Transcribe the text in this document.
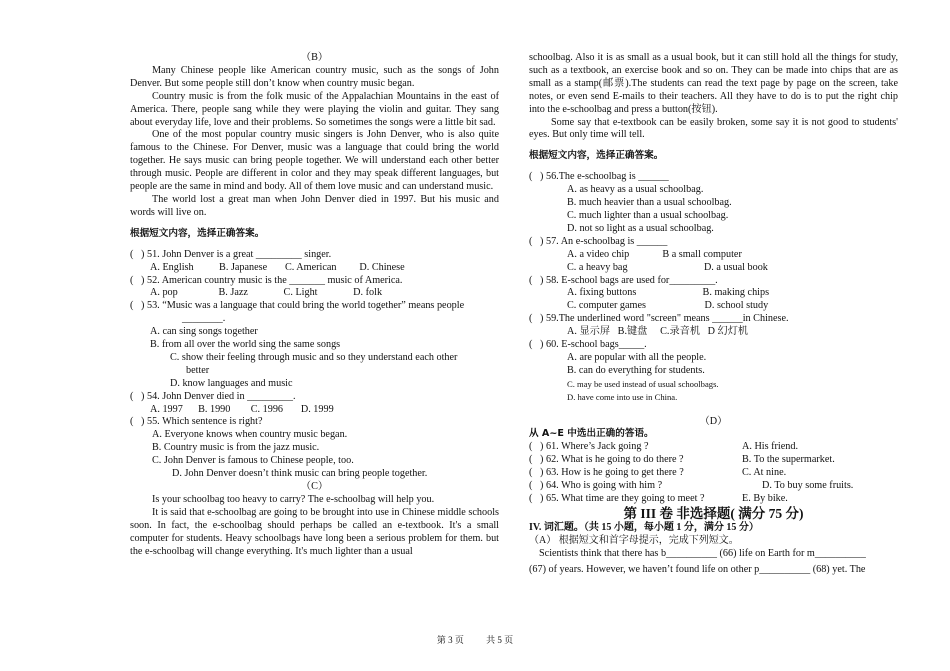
（B）

Many Chinese people like American country music, such as the songs of John Denver. But some people still don’t know when country music began.

Country music is from the folk music of the Appalachian Mountains in the east of America. There, people sang while they were playing the violin and guitar. They sang about everyday life, love and their problems. So sometimes the songs were a little bit sad.

One of the most popular country music singers is John Denver, who is also quite famous to the Chinese. For Denver, music was a language that could bring the world together. He says music can bring people together. We will understand each other better through music. People are different in color and they may speak different languages, but people are the same in mind and body. All of them love music and can understand music.

The world lost a great man when John Denver died in 1997. But his music and words will live on.

根据短文内容，选择正确答案。

(   ) 51. John Denver is a great _________ singer.

A. English          B. Japanese       C. American         D. Chinese

(   ) 52. American country music is the _______ music of America.

A. pop                B. Jazz              C. Light              D. folk

(   ) 53. “Music was a language that could bring the world together” means people

________.

A. can sing songs together

B. from all over the world sing the same songs

C. show their feeling through music and so they understand each other

better

D. know languages and music

(   ) 54. John Denver died in _________.

A. 1997      B. 1990        C. 1996       D. 1999

(   ) 55. Which sentence is right?

A. Everyone knows when country music began.

B. Country music is from the jazz music.

C. John Denver is famous to Chinese people, too.

D. John Denver doesn’t think music can bring people together.

（C）

Is your schoolbag too heavy to carry? The e-schoolbag will help you.

It is said that e-schoolbag are going to be brought into use in Chinese middle schools soon. In fact, the e-schoolbag should perhaps be called an e-textbook. It's a small computer for students. Heavy schoolbags have long been a serious problem for them. but the e-schoolbag will change everything. It's much lighter than a usual

schoolbag. Also it is as small as a usual book, but it can still hold all the things for study, such as a textbook, an exercise book and so on. They can be made into chips that are as small as a stamp(邮票).The students can read the text page by page on the screen, take notes, or even send E-mails to their teachers. All they have to do is to put the right chip into the e-schoolbag and press a button(按钮).

Some say that e-textbook can be easily broken, some say it is not good to students' eyes. But only time will tell.

根据短文内容，选择正确答案。

(   ) 56.The e-schoolbag is ______

A. as heavy as a usual schoolbag.

B. much heavier than a usual schoolbag.

C. much lighter than a usual schoolbag.

D. not so light as a usual schoolbag.

(   ) 57. An e-schoolbag is ______

A. a video chip             B a small computer

C. a heavy bag                              D. a usual book

(   ) 58. E-school bags are used for_________.

A. fixing buttons                          B. making chips

C. computer games                       D. school study

(   ) 59.The underlined word "screen" means ______in Chinese.

A. 显示屏   B.键盘     C.录音机   D 幻灯机

(   ) 60. E-school bags_____.

A. are popular with all the people.

B. can do everything for students.

C. may be used instead of usual schoolbags.

D. have come into use in China.

（D）

从 A~E 中选出正确的答语。

(   ) 61. Where’s Jack going ?	A. His friend.
(   ) 62. What is he going to do there ?	B. To the supermarket.
(   ) 63. How is he going to get there ?	C. At nine.
(   ) 64. Who is going with him ?	D. To buy some fruits.
(   ) 65. What time are they going to meet ?	E. By bike.

第 III 卷 非选择题( 满分 75 分)

IV. 词汇题。（共 15 小题，每小题 1 分，满分 15 分）

（A） 根据短文和首字母提示，完成下列短文。

Scientists think that there has b__________ (66) life on Earth for m__________

(67) of years. However, we haven’t found life on other p__________ (68) yet. The

第 3 页 共 5 页
